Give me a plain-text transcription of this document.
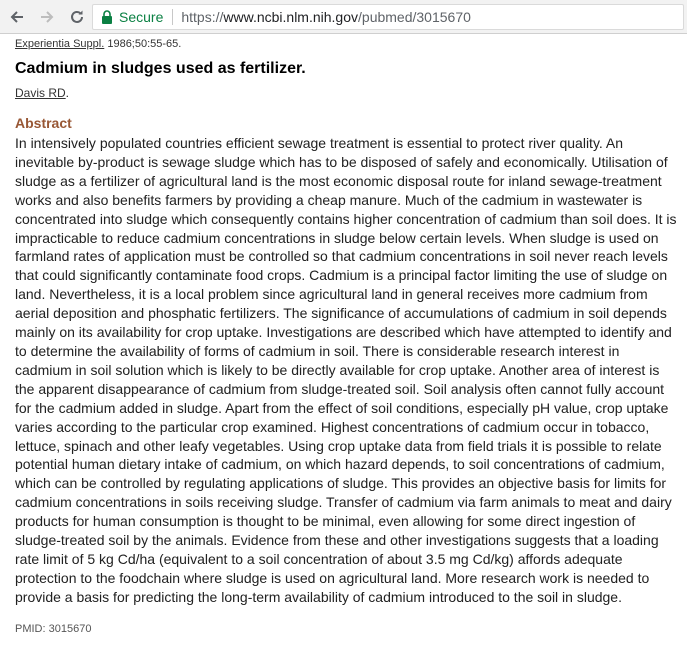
Secure https:// www.ncbi.nlm.nih.gov /pubmed/3015670
Experientia Suppl. 1986;50:55-65.
Cadmium in sludges used as fertilizer.
Davis RD.
Abstract

In intensively populated countries efficient sewage treatment is essential to protect river quality. An inevitable by-product is sewage sludge which has to be disposed of safely and economically. Utilisation of sludge as a fertilizer of agricultural land is the most economic disposal route for inland sewage-treatment works and also benefits farmers by providing a cheap manure. Much of the cadmium in wastewater is concentrated into sludge which consequently contains higher concentration of cadmium than soil does. It is impracticable to reduce cadmium concentrations in sludge below certain levels. When sludge is used on farmland rates of application must be controlled so that cadmium concentrations in soil never reach levels that could significantly contaminate food crops. Cadmium is a principal factor limiting the use of sludge on land. Nevertheless, it is a local problem since agricultural land in general receives more cadmium from aerial deposition and phosphatic fertilizers. The significance of accumulations of cadmium in soil depends mainly on its availability for crop uptake. Investigations are described which have attempted to identify and to determine the availability of forms of cadmium in soil. There is considerable research interest in cadmium in soil solution which is likely to be directly available for crop uptake. Another area of interest is the apparent disappearance of cadmium from sludge-treated soil. Soil analysis often cannot fully account for the cadmium added in sludge. Apart from the effect of soil conditions, especially pH value, crop uptake varies according to the particular crop examined. Highest concentrations of cadmium occur in tobacco, lettuce, spinach and other leafy vegetables. Using crop uptake data from field trials it is possible to relate potential human dietary intake of cadmium, on which hazard depends, to soil concentrations of cadmium, which can be controlled by regulating applications of sludge. This provides an objective basis for limits for cadmium concentrations in soils receiving sludge. Transfer of cadmium via farm animals to meat and dairy products for human consumption is thought to be minimal, even allowing for some direct ingestion of sludge-treated soil by the animals. Evidence from these and other investigations suggests that a loading rate limit of 5 kg Cd/ha (equivalent to a soil concentration of about 3.5 mg Cd/kg) affords adequate protection to the foodchain where sludge is used on agricultural land. More research work is needed to provide a basis for predicting the long-term availability of cadmium introduced to the soil in sludge.

PMID: 3015670
